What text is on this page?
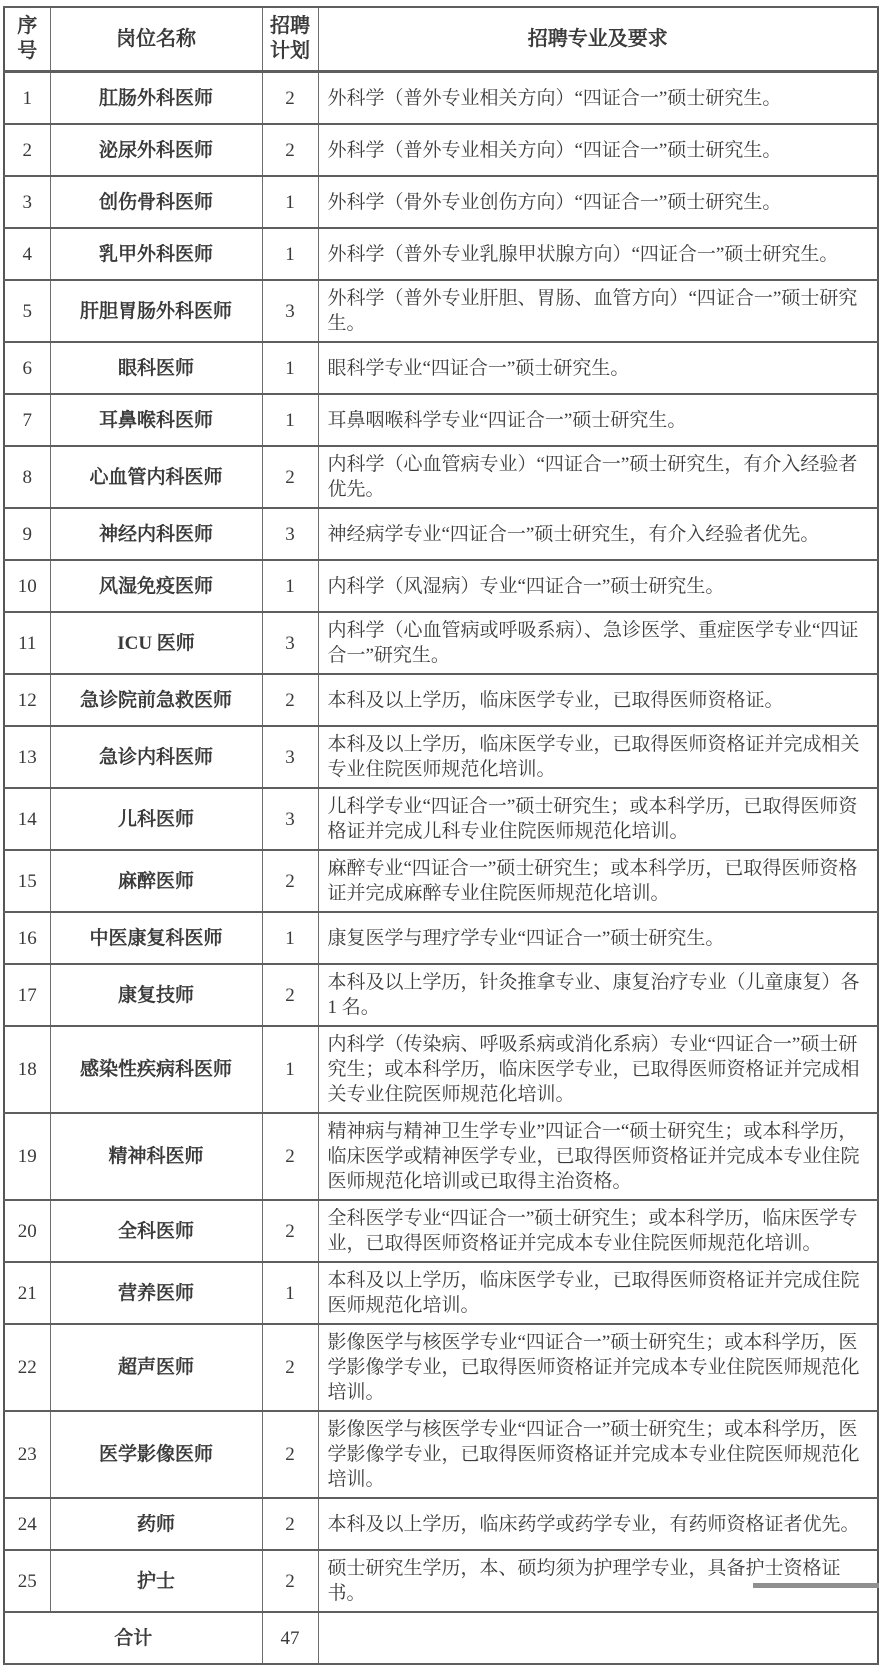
序号	岗位名称	招聘计划	招聘专业及要求
1	肛肠外科医师	2	外科学（普外专业相关方向）“四证合一”硕士研究生。
2	泌尿外科医师	2	外科学（普外专业相关方向）“四证合一”硕士研究生。
3	创伤骨科医师	1	外科学（骨外专业创伤方向）“四证合一”硕士研究生。
4	乳甲外科医师	1	外科学（普外专业乳腺甲状腺方向）“四证合一”硕士研究生。
5	肝胆胃肠外科医师	3	外科学（普外专业肝胆、胃肠、血管方向）“四证合一”硕士研究生。
6	眼科医师	1	眼科学专业“四证合一”硕士研究生。
7	耳鼻喉科医师	1	耳鼻咽喉科学专业“四证合一”硕士研究生。
8	心血管内科医师	2	内科学（心血管病专业）“四证合一”硕士研究生，有介入经验者优先。
9	神经内科医师	3	神经病学专业“四证合一”硕士研究生，有介入经验者优先。
10	风湿免疫医师	1	内科学（风湿病）专业“四证合一”硕士研究生。
11	ICU 医师	3	内科学（心血管病或呼吸系病）、急诊医学、重症医学专业“四证合一”研究生。
12	急诊院前急救医师	2	本科及以上学历，临床医学专业，已取得医师资格证。
13	急诊内科医师	3	本科及以上学历，临床医学专业，已取得医师资格证并完成相关专业住院医师规范化培训。
14	儿科医师	3	儿科学专业“四证合一”硕士研究生；或本科学历，已取得医师资格证并完成儿科专业住院医师规范化培训。
15	麻醉医师	2	麻醉专业“四证合一”硕士研究生；或本科学历，已取得医师资格证并完成麻醉专业住院医师规范化培训。
16	中医康复科医师	1	康复医学与理疗学专业“四证合一”硕士研究生。
17	康复技师	2	本科及以上学历，针灸推拿专业、康复治疗专业（儿童康复）各 1 名。
18	感染性疾病科医师	1	内科学（传染病、呼吸系病或消化系病）专业“四证合一”硕士研究生；或本科学历，临床医学专业，已取得医师资格证并完成相关专业住院医师规范化培训。
19	精神科医师	2	精神病与精神卫生学专业”四证合一“硕士研究生；或本科学历，临床医学或精神医学专业，已取得医师资格证并完成本专业住院医师规范化培训或已取得主治资格。
20	全科医师	2	全科医学专业“四证合一”硕士研究生；或本科学历，临床医学专业，已取得医师资格证并完成本专业住院医师规范化培训。
21	营养医师	1	本科及以上学历，临床医学专业，已取得医师资格证并完成住院医师规范化培训。
22	超声医师	2	影像医学与核医学专业“四证合一”硕士研究生；或本科学历，医学影像学专业，已取得医师资格证并完成本专业住院医师规范化培训。
23	医学影像医师	2	影像医学与核医学专业“四证合一”硕士研究生；或本科学历，医学影像学专业，已取得医师资格证并完成本专业住院医师规范化培训。
24	药师	2	本科及以上学历，临床药学或药学专业，有药师资格证者优先。
25	护士	2	硕士研究生学历，本、硕均须为护理学专业，具备护士资格证书。
合计		47	
